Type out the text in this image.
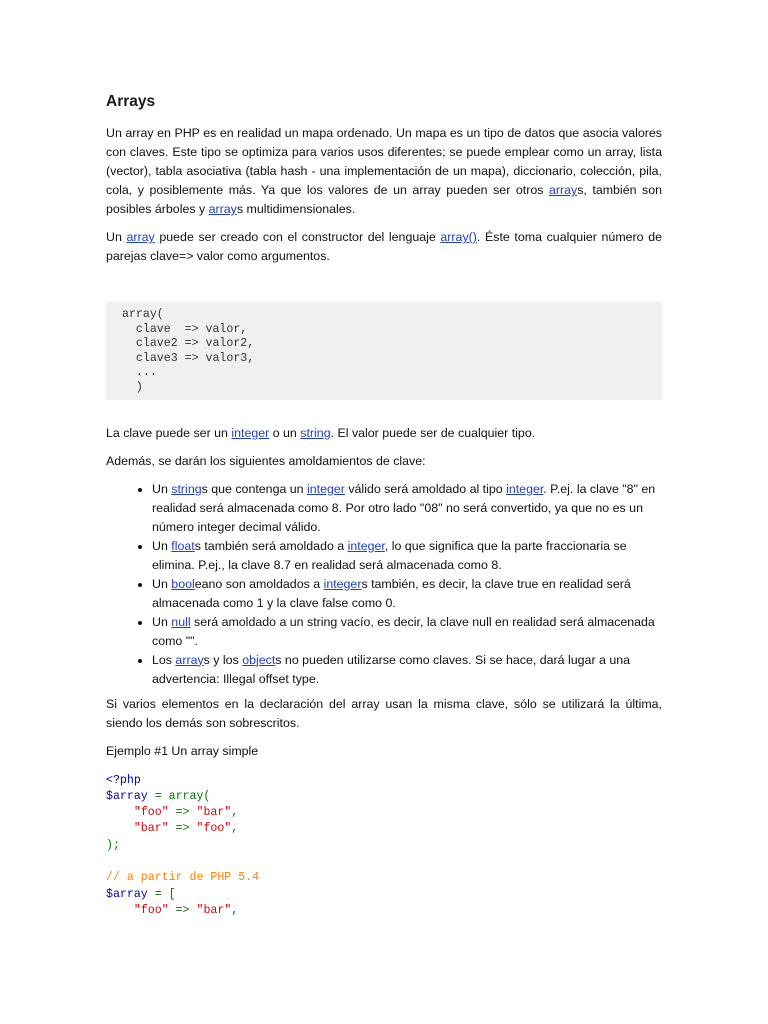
Arrays

Un array en PHP es en realidad un mapa ordenado. Un mapa es un tipo de datos que asocia valores con claves. Este tipo se optimiza para varios usos diferentes; se puede emplear como un array, lista (vector), tabla asociativa (tabla hash - una implementación de un mapa), diccionario, colección, pila, cola, y posiblemente más. Ya que los valores de un array pueden ser otros arrays, también son posibles árboles y arrays multidimensionales.

Un array puede ser creado con el constructor del lenguaje array(). Éste toma cualquier número de parejas clave=> valor como argumentos.

array(
clave  => valor,
clave2 => valor2,
clave3 => valor3,
...
)

La clave puede ser un integer o un string. El valor puede ser de cualquier tipo.

Además, se darán los siguientes amoldamientos de clave:

• Un strings que contenga un integer válido será amoldado al tipo integer. P.ej. la clave "8" en realidad será almacenada como 8. Por otro lado "08" no será convertido, ya que no es un número integer decimal válido.
• Un floats también será amoldado a integer, lo que significa que la parte fraccionaria se elimina. P.ej., la clave 8.7 en realidad será almacenada como 8.
• Un booleano son amoldados a integers también, es decir, la clave true en realidad será almacenada como 1 y la clave false como 0.
• Un null será amoldado a un string vacío, es decir, la clave null en realidad será almacenada como "".
• Los arrays y los objects no pueden utilizarse como claves. Si se hace, dará lugar a una advertencia: Illegal offset type.

Si varios elementos en la declaración del array usan la misma clave, sólo se utilizará la última, siendo los demás son sobrescritos.

Ejemplo #1 Un array simple

<?php
$array = array(
"foo" => "bar",
"bar" => "foo",
);

// a partir de PHP 5.4
$array = [
"foo" => "bar",
